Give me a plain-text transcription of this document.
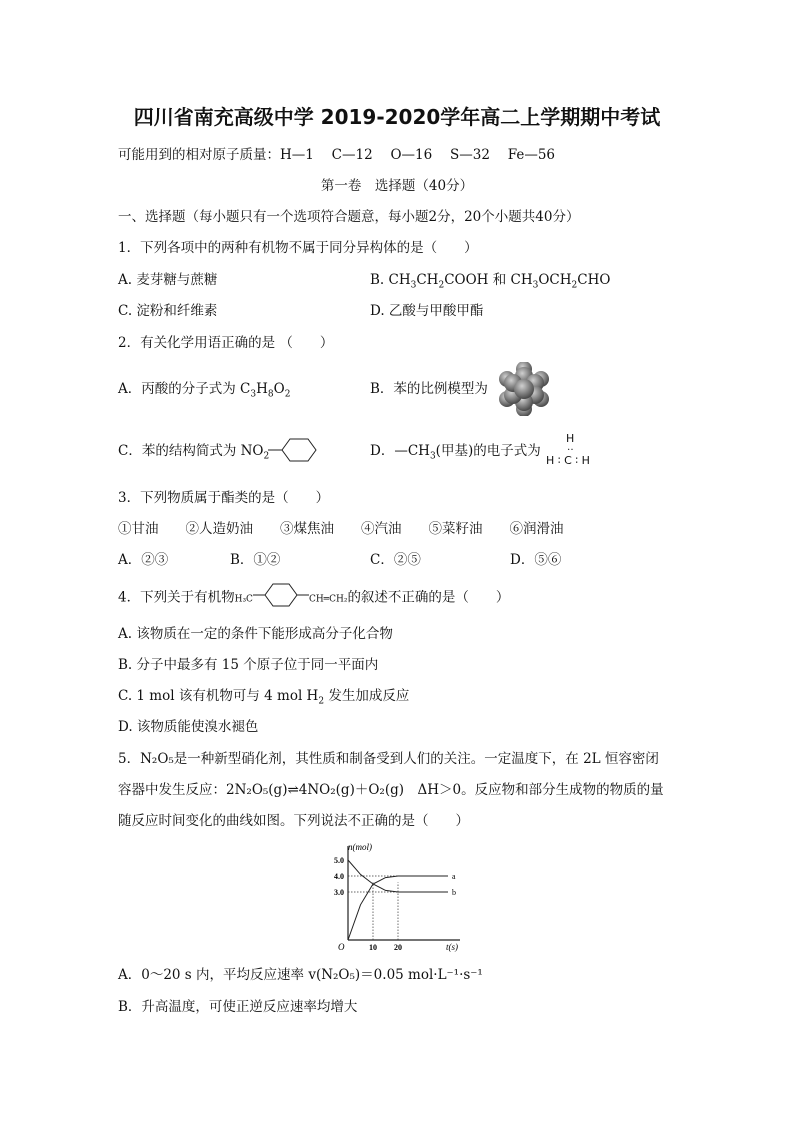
四川省南充高级中学 2019-2020学年高二上学期期中考试
可能用到的相对原子质量：H—1　 C—12　 O—16　 S—32　 Fe—56
第一卷　选择题（40分）
一、选择题（每小题只有一个选项符合题意，每小题2分，20个小题共40分）
1．下列各项中的两种有机物不属于同分异构体的是（　　）
A. 麦芽糖与蔗糖	B. $CH_3CH_2COOH$ 和 $CH_3OCH_2CHO$
C. 淀粉和纤维素	D. 乙酸与甲酸甲酯
2．有关化学用语正确的是 （　　）
A．丙酸的分子式为 $C_3H_8O_2$	B．苯的比例模型为
C．苯的结构简式为 $NO_2$	D．$—CH_3$(甲基)的电子式为
H
‥
H ∶ C ∶ H
3．下列物质属于酯类的是（　　）
①甘油　　②人造奶油　　③煤焦油　　④汽油　　⑤菜籽油　　⑥润滑油
A．②③	B．①②	C．②⑤	D．⑤⑥
4．下列关于有机物H₃C	CH═CH₂的叙述不正确的是（　　）
A. 该物质在一定的条件下能形成高分子化合物
B. 分子中最多有 15 个原子位于同一平面内
C. 1 mol 该有机物可与 4 mol $H_2$ 发生加成反应
D. 该物质能使溴水褪色
5．N₂O₅是一种新型硝化剂，其性质和制备受到人们的关注。一定温度下，在 2L 恒容密闭
容器中发生反应：2N₂O₅(g)⇌4NO₂(g)＋O₂(g)　ΔH＞0。反应物和部分生成物的物质的量
随反应时间变化的曲线如图。下列说法不正确的是（　　）
n(mol)
t(s)
O
3.0
4.0
5.0
10 20
a
b
A．0～20 s 内，平均反应速率 v(N₂O₅)＝0.05 mol·L⁻¹·s⁻¹
B．升高温度，可使正逆反应速率均增大
